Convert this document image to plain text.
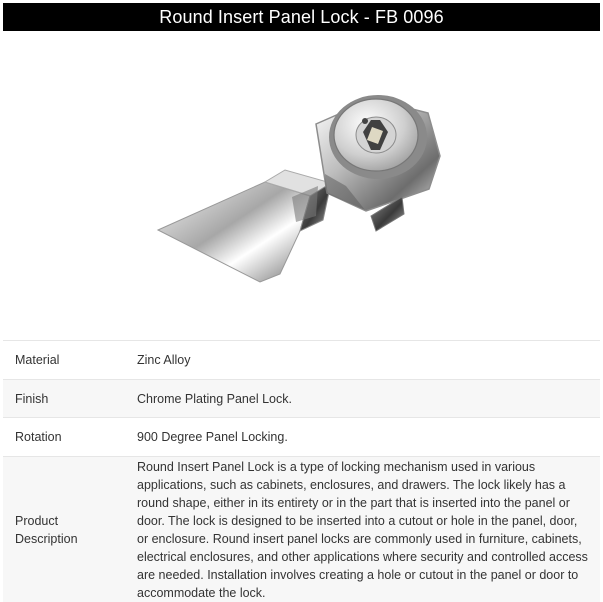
Round Insert Panel Lock - FB 0096
Material	Zinc Alloy
Finish	Chrome Plating Panel Lock.
Rotation	900 Degree Panel Locking.
Product Description	Round Insert Panel Lock is a type of locking mechanism used in various applications, such as cabinets, enclosures, and drawers. The lock likely has a round shape, either in its entirety or in the part that is inserted into the panel or door. The lock is designed to be inserted into a cutout or hole in the panel, door, or enclosure. Round insert panel locks are commonly used in furniture, cabinets, electrical enclosures, and other applications where security and controlled access are needed. Installation involves creating a hole or cutout in the panel or door to accommodate the lock.
